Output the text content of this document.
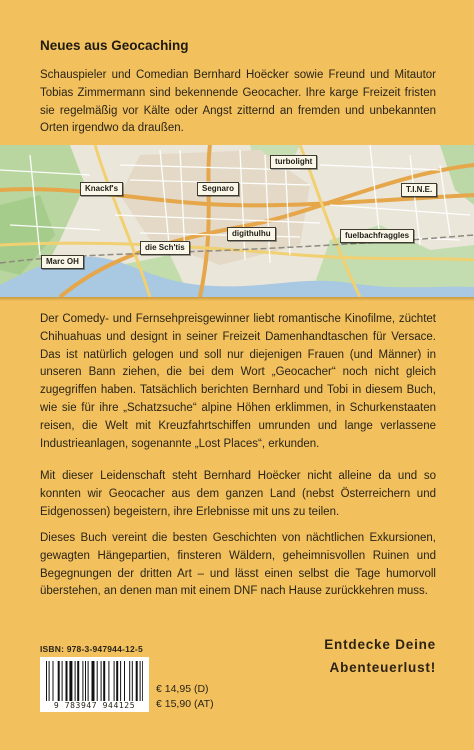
Neues aus Geocaching

Schauspieler und Comedian Bernhard Hoëcker sowie Freund und Mitautor Tobias Zimmermann sind bekennende Geocacher. Ihre karge Freizeit fristen sie regelmäßig vor Kälte oder Angst zitternd an fremden und unbekannten Orten irgendwo da draußen.

turbolight
Knackf's	Segnaro	T.I.N.E.
digithulhu	fuelbachfraggles
die Sch'tis
Marc OH

Der Comedy- und Fernsehpreisgewinner liebt romantische Kinofilme, züchtet Chihuahuas und designt in seiner Freizeit Damenhandtaschen für Versace. Das ist natürlich gelogen und soll nur diejenigen Frauen (und Männer) in unseren Bann ziehen, die bei dem Wort „Geocacher“ noch nicht gleich zugegriffen haben. Tatsächlich berichten Bernhard und Tobi in diesem Buch, wie sie für ihre „Schatzsuche“ alpine Höhen erklimmen, in Schurkenstaaten reisen, die Welt mit Kreuzfahrtschiffen umrunden und lange verlassene Industrieanlagen, sogenannte „Lost Places“, erkunden.

Mit dieser Leidenschaft steht Bernhard Hoëcker nicht alleine da und so konnten wir Geocacher aus dem ganzen Land (nebst Österreichern und Eidgenossen) begeistern, ihre Erlebnisse mit uns zu teilen.

Dieses Buch vereint die besten Geschichten von nächtlichen Exkursionen, gewagten Hängepartien, finsteren Wäldern, geheimnisvollen Ruinen und Begegnungen der dritten Art – und lässt einen selbst die Tage humorvoll überstehen, an denen man mit einem DNF nach Hause zurückkehren muss.

ISBN: 978-3-947944-12-5
9 783947 944125
€ 14,95 (D)
€ 15,90 (AT)
Entdecke Deine
Abenteuerlust!
